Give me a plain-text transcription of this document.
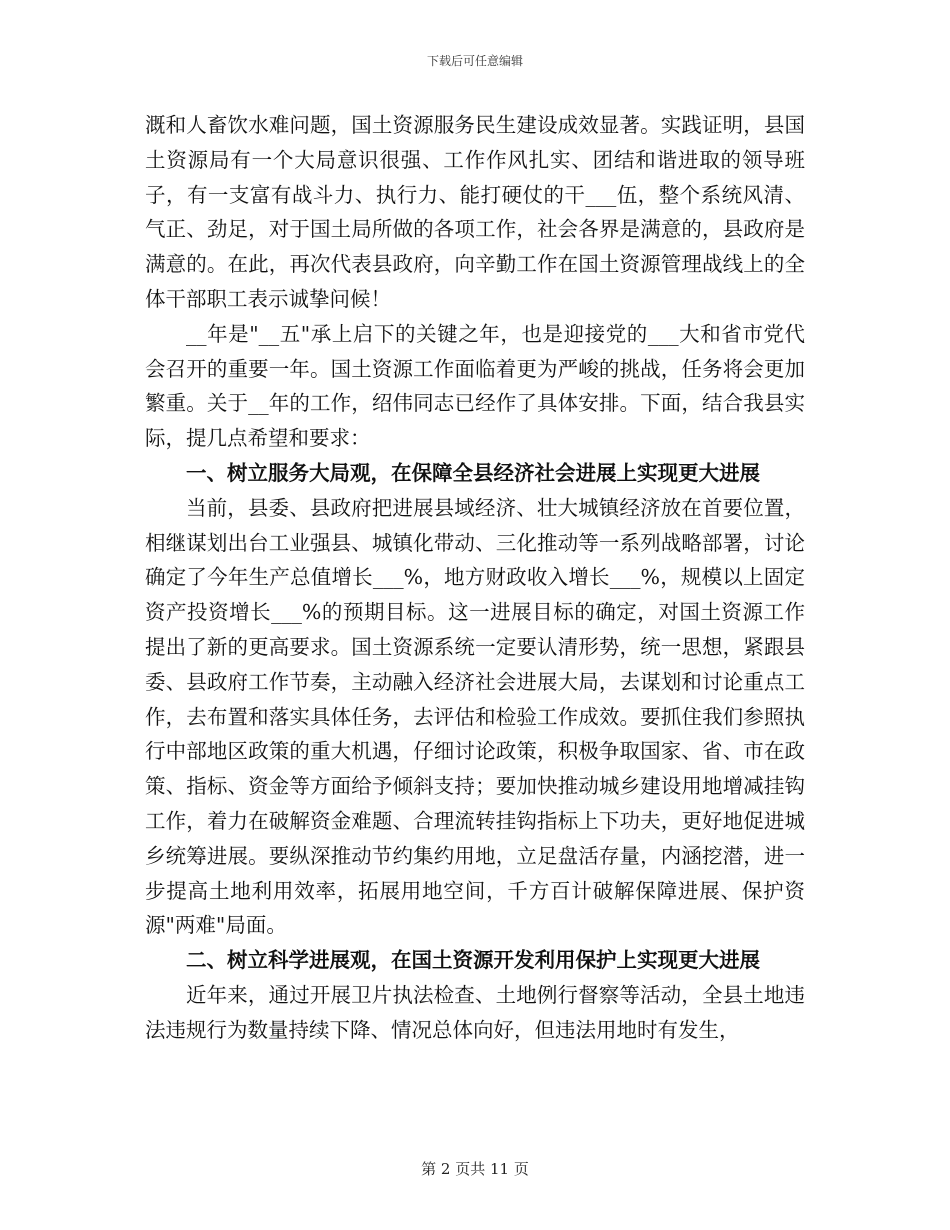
下载后可任意编辑

溉和人畜饮水难问题，国土资源服务民生建设成效显著。实践证明，县国土资源局有一个大局意识很强、工作作风扎实、团结和谐进取的领导班子，有一支富有战斗力、执行力、能打硬仗的干___伍，整个系统风清、气正、劲足，对于国土局所做的各项工作，社会各界是满意的，县政府是满意的。在此，再次代表县政府，向辛勤工作在国土资源管理战线上的全体干部职工表示诚挚问候！

__年是"__五"承上启下的关键之年，也是迎接党的___大和省市党代会召开的重要一年。国土资源工作面临着更为严峻的挑战，任务将会更加繁重。关于__年的工作，绍伟同志已经作了具体安排。下面，结合我县实际，提几点希望和要求：

一、树立服务大局观，在保障全县经济社会进展上实现更大进展

当前，县委、县政府把进展县域经济、壮大城镇经济放在首要位置，相继谋划出台工业强县、城镇化带动、三化推动等一系列战略部署，讨论确定了今年生产总值增长___%，地方财政收入增长___%，规模以上固定资产投资增长___%的预期目标。这一进展目标的确定，对国土资源工作提出了新的更高要求。国土资源系统一定要认清形势，统一思想，紧跟县委、县政府工作节奏，主动融入经济社会进展大局，去谋划和讨论重点工作，去布置和落实具体任务，去评估和检验工作成效。要抓住我们参照执行中部地区政策的重大机遇，仔细讨论政策，积极争取国家、省、市在政策、指标、资金等方面给予倾斜支持；要加快推动城乡建设用地增减挂钩工作，着力在破解资金难题、合理流转挂钩指标上下功夫，更好地促进城乡统筹进展。要纵深推动节约集约用地，立足盘活存量，内涵挖潜，进一步提高土地利用效率，拓展用地空间，千方百计破解保障进展、保护资源"两难"局面。

二、树立科学进展观，在国土资源开发利用保护上实现更大进展

近年来，通过开展卫片执法检查、土地例行督察等活动，全县土地违法违规行为数量持续下降、情况总体向好，但违法用地时有发生，

第 2 页共 11 页
